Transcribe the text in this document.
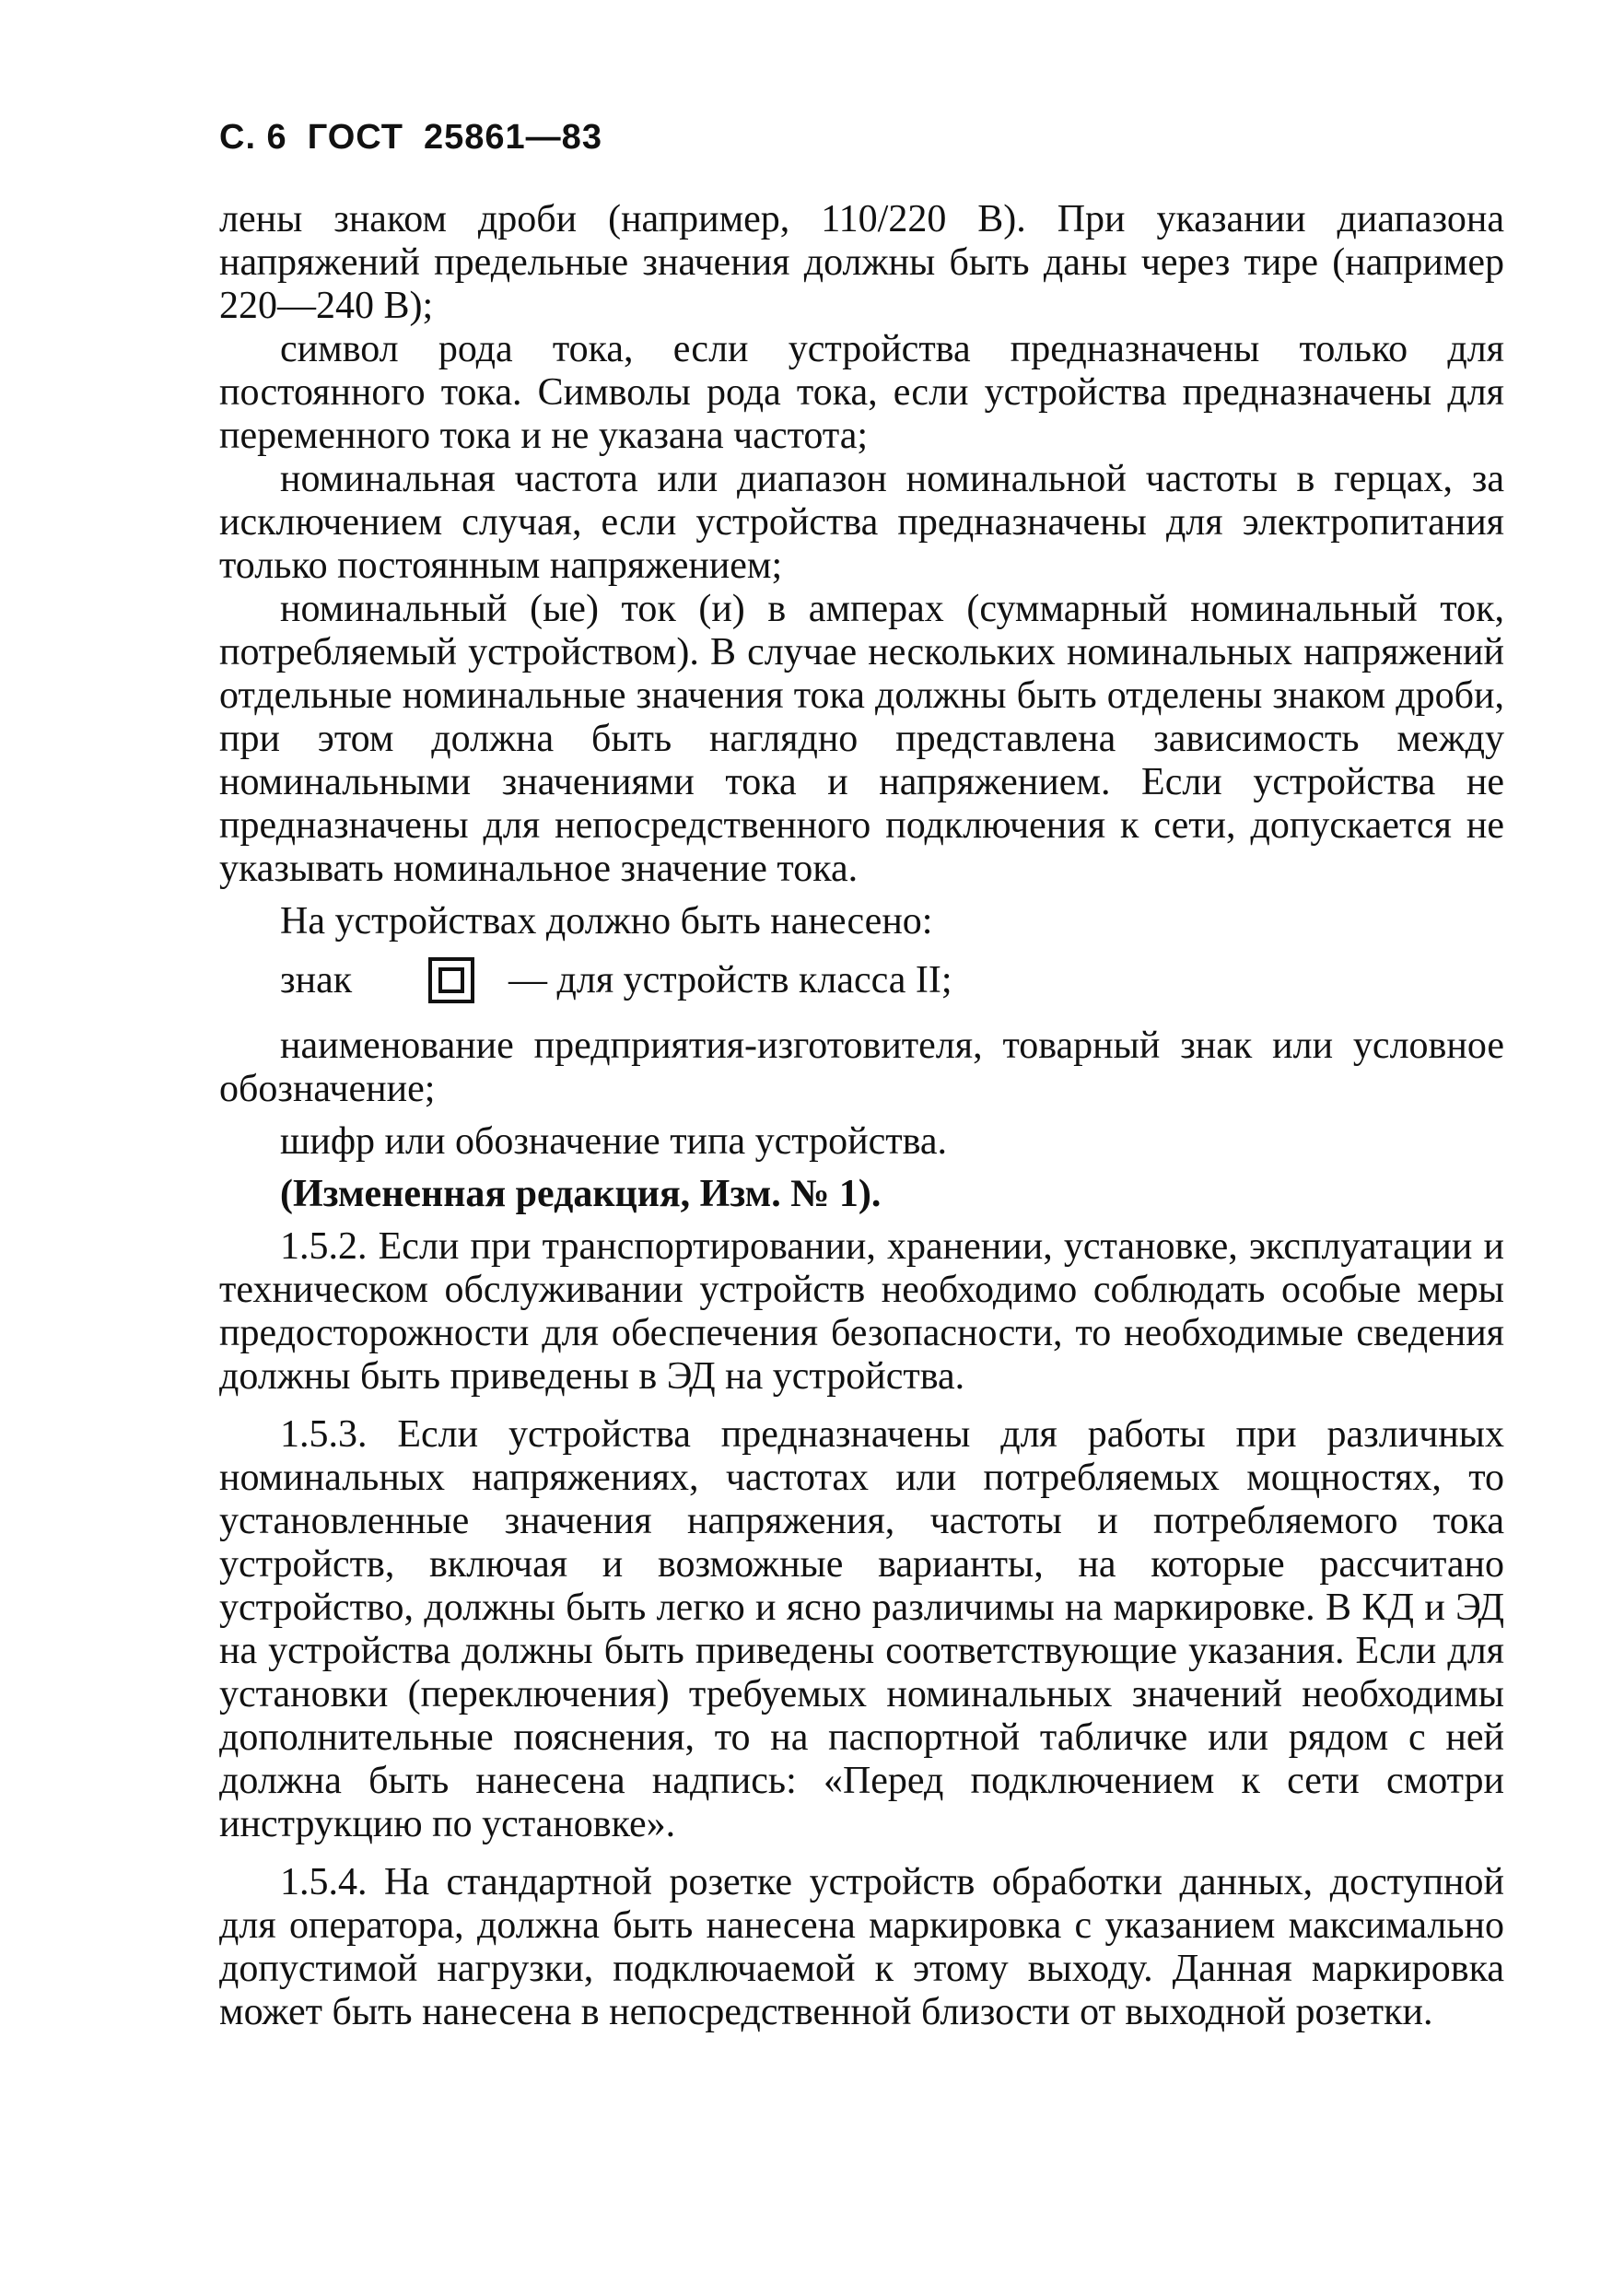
С. 6 ГОСТ 25861—83

лены знаком дроби (например, 110/220 В). При указании диапазона напряжений предельные значения должны быть даны через тире (например 220—240 В);

символ рода тока, если устройства предназначены только для постоянного тока. Символы рода тока, если устройства предназначены для переменного тока и не указана частота;

номинальная частота или диапазон номинальной частоты в герцах, за исключением случая, если устройства предназначены для электропитания только постоянным напряжением;

номинальный (ые) ток (и) в амперах (суммарный номинальный ток, потребляемый устройством). В случае нескольких номинальных напряжений отдельные номинальные значения тока должны быть отделены знаком дроби, при этом должна быть наглядно представлена зависимость между номинальными значениями тока и напряжением. Если устройства не предназначены для непосредственного подключения к сети, допускается не указывать номинальное значение тока.

На устройствах должно быть нанесено:

знак	— для устройств класса II;

наименование предприятия-изготовителя, товарный знак или условное обозначение;

шифр или обозначение типа устройства.

(Измененная редакция, Изм. № 1).

1.5.2. Если при транспортировании, хранении, установке, эксплуатации и техническом обслуживании устройств необходимо соблюдать особые меры предосторожности для обеспечения безопасности, то необходимые сведения должны быть приведены в ЭД на устройства.

1.5.3. Если устройства предназначены для работы при различных номинальных напряжениях, частотах или потребляемых мощностях, то установленные значения напряжения, частоты и потребляемого тока устройств, включая и возможные варианты, на которые рассчитано устройство, должны быть легко и ясно различимы на маркировке. В КД и ЭД на устройства должны быть приведены соответствующие указания. Если для установки (переключения) требуемых номинальных значений необходимы дополнительные пояснения, то на паспортной табличке или рядом с ней должна быть нанесена надпись: «Перед подключением к сети смотри инструкцию по установке».

1.5.4. На стандартной розетке устройств обработки данных, доступной для оператора, должна быть нанесена маркировка с указанием максимально допустимой нагрузки, подключаемой к этому выходу. Данная маркировка может быть нанесена в непосредственной близости от выходной розетки.
